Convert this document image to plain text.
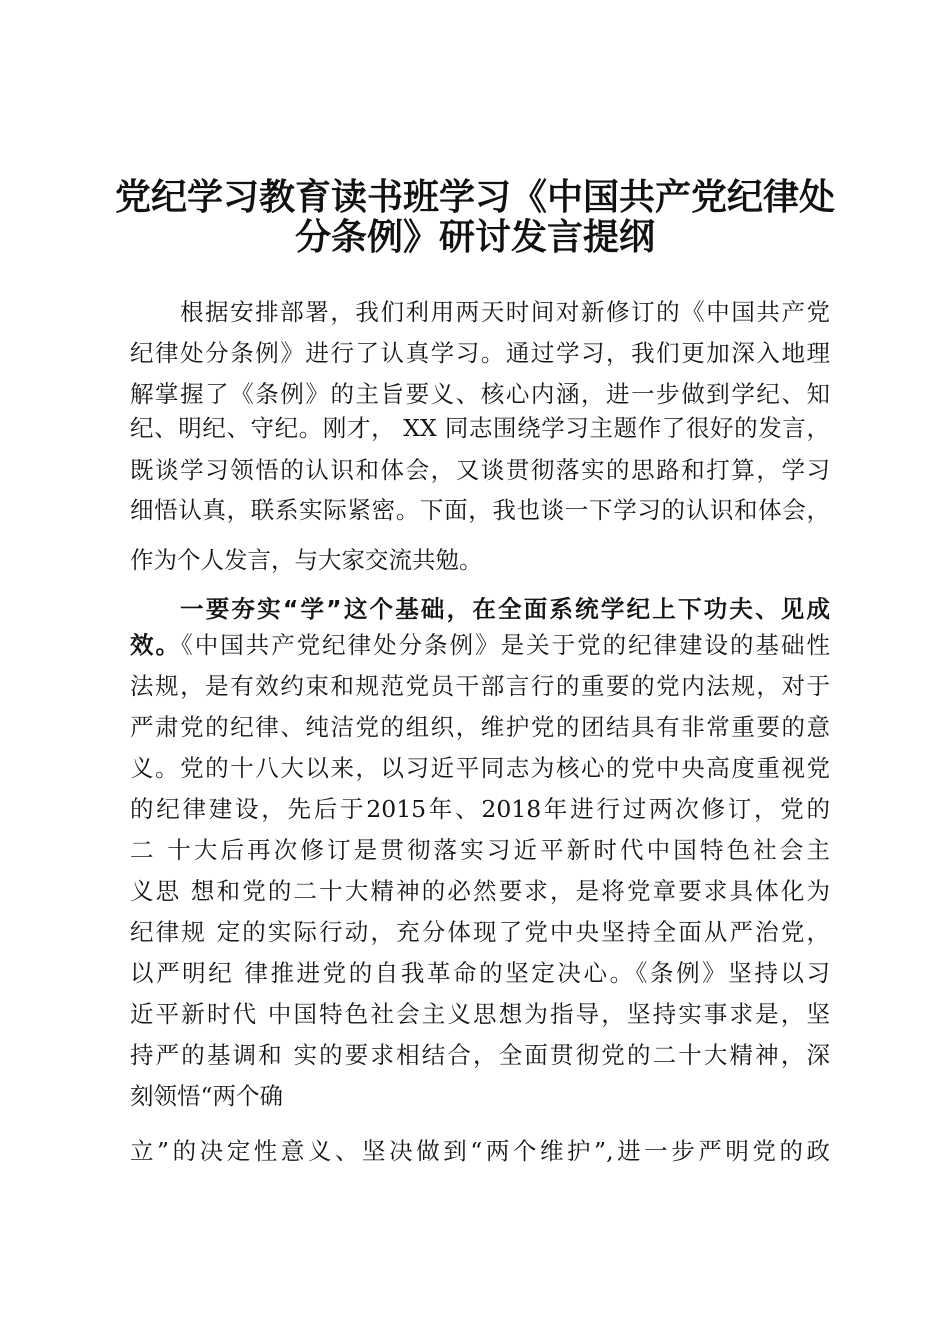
党纪学习教育读书班学习《中国共产党纪律处
分条例》研讨发言提纲
根据安排部署，我们利用两天时间对新修订的《中国共产党
纪律处分条例》进行了认真学习。通过学习，我们更加深入地理
解掌握了《条例》的主旨要义、核心内涵，进一步做到学纪、知
纪、明纪、守纪。刚才， XX 同志围绕学习主题作了很好的发言，
既谈学习领悟的认识和体会，又谈贯彻落实的思路和打算，学习
细悟认真，联系实际紧密。下面，我也谈一下学习的认识和体会，
作为个人发言，与大家交流共勉。
一要夯实“学”这个基础，在全面系统学纪上下功夫、见成
效。《中国共产党纪律处分条例》是关于党的纪律建设的基础性
法规，是有效约束和规范党员干部言行的重要的党内法规，对于
严肃党的纪律、纯洁党的组织，维护党的团结具有非常重要的意
义。党的十八大以来，以习近平同志为核心的党中央高度重视党
的纪律建设，先后于2015年、2018年进行过两次修订，党的
二 十大后再次修订是贯彻落实习近平新时代中国特色社会主
义思 想和党的二十大精神的必然要求，是将党章要求具体化为
纪律规 定的实际行动，充分体现了党中央坚持全面从严治党，
以严明纪 律推进党的自我革命的坚定决心。《条例》坚持以习
近平新时代 中国特色社会主义思想为指导，坚持实事求是，坚
持严的基调和 实的要求相结合，全面贯彻党的二十大精神，深
刻领悟“两个确
立”的决定性意义、坚决做到“两个维护”,进一步严明党的政
